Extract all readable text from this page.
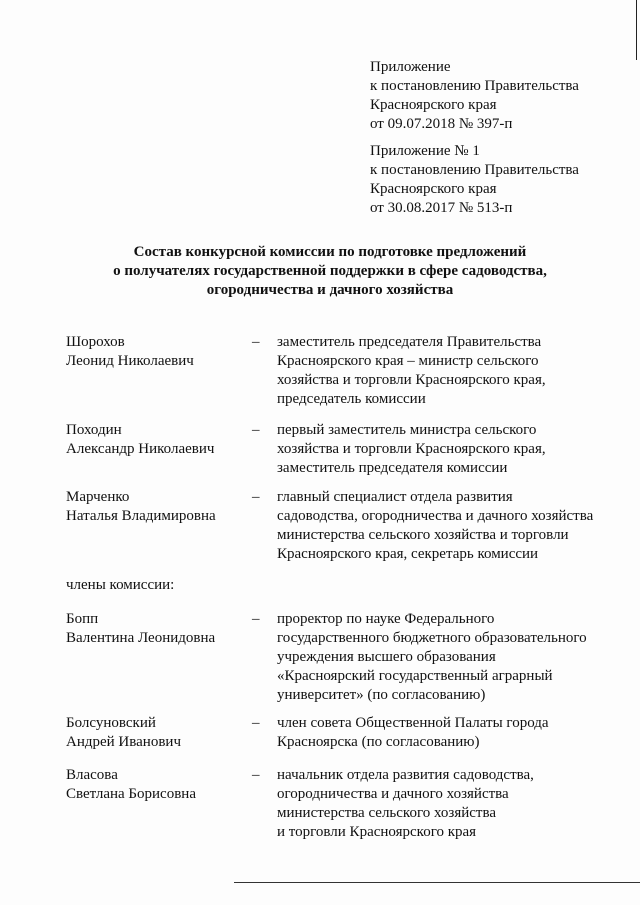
Приложение
к постановлению Правительства
Красноярского края
от 09.07.2018 № 397-п
Приложение № 1
к постановлению Правительства
Красноярского края
от 30.08.2017 № 513-п
Состав конкурсной комиссии по подготовке предложений
о получателях государственной поддержки в сфере садоводства,
огородничества и дачного хозяйства
Шорохов
Леонид Николаевич
– заместитель председателя Правительства
Красноярского края – министр сельского
хозяйства и торговли Красноярского края,
председатель комиссии
Походин
Александр Николаевич
– первый заместитель министра сельского
хозяйства и торговли Красноярского края,
заместитель председателя комиссии
Марченко
Наталья Владимировна
– главный специалист отдела развития
садоводства, огородничества и дачного хозяйства
министерства сельского хозяйства и торговли
Красноярского края, секретарь комиссии
члены комиссии:
Бопп
Валентина Леонидовна
– проректор по науке Федерального
государственного бюджетного образовательного
учреждения высшего образования
«Красноярский государственный аграрный
университет» (по согласованию)
Болсуновский
Андрей Иванович
– член совета Общественной Палаты города
Красноярска (по согласованию)
Власова
Светлана Борисовна
– начальник отдела развития садоводства,
огородничества и дачного хозяйства
министерства сельского хозяйства
и торговли Красноярского края
